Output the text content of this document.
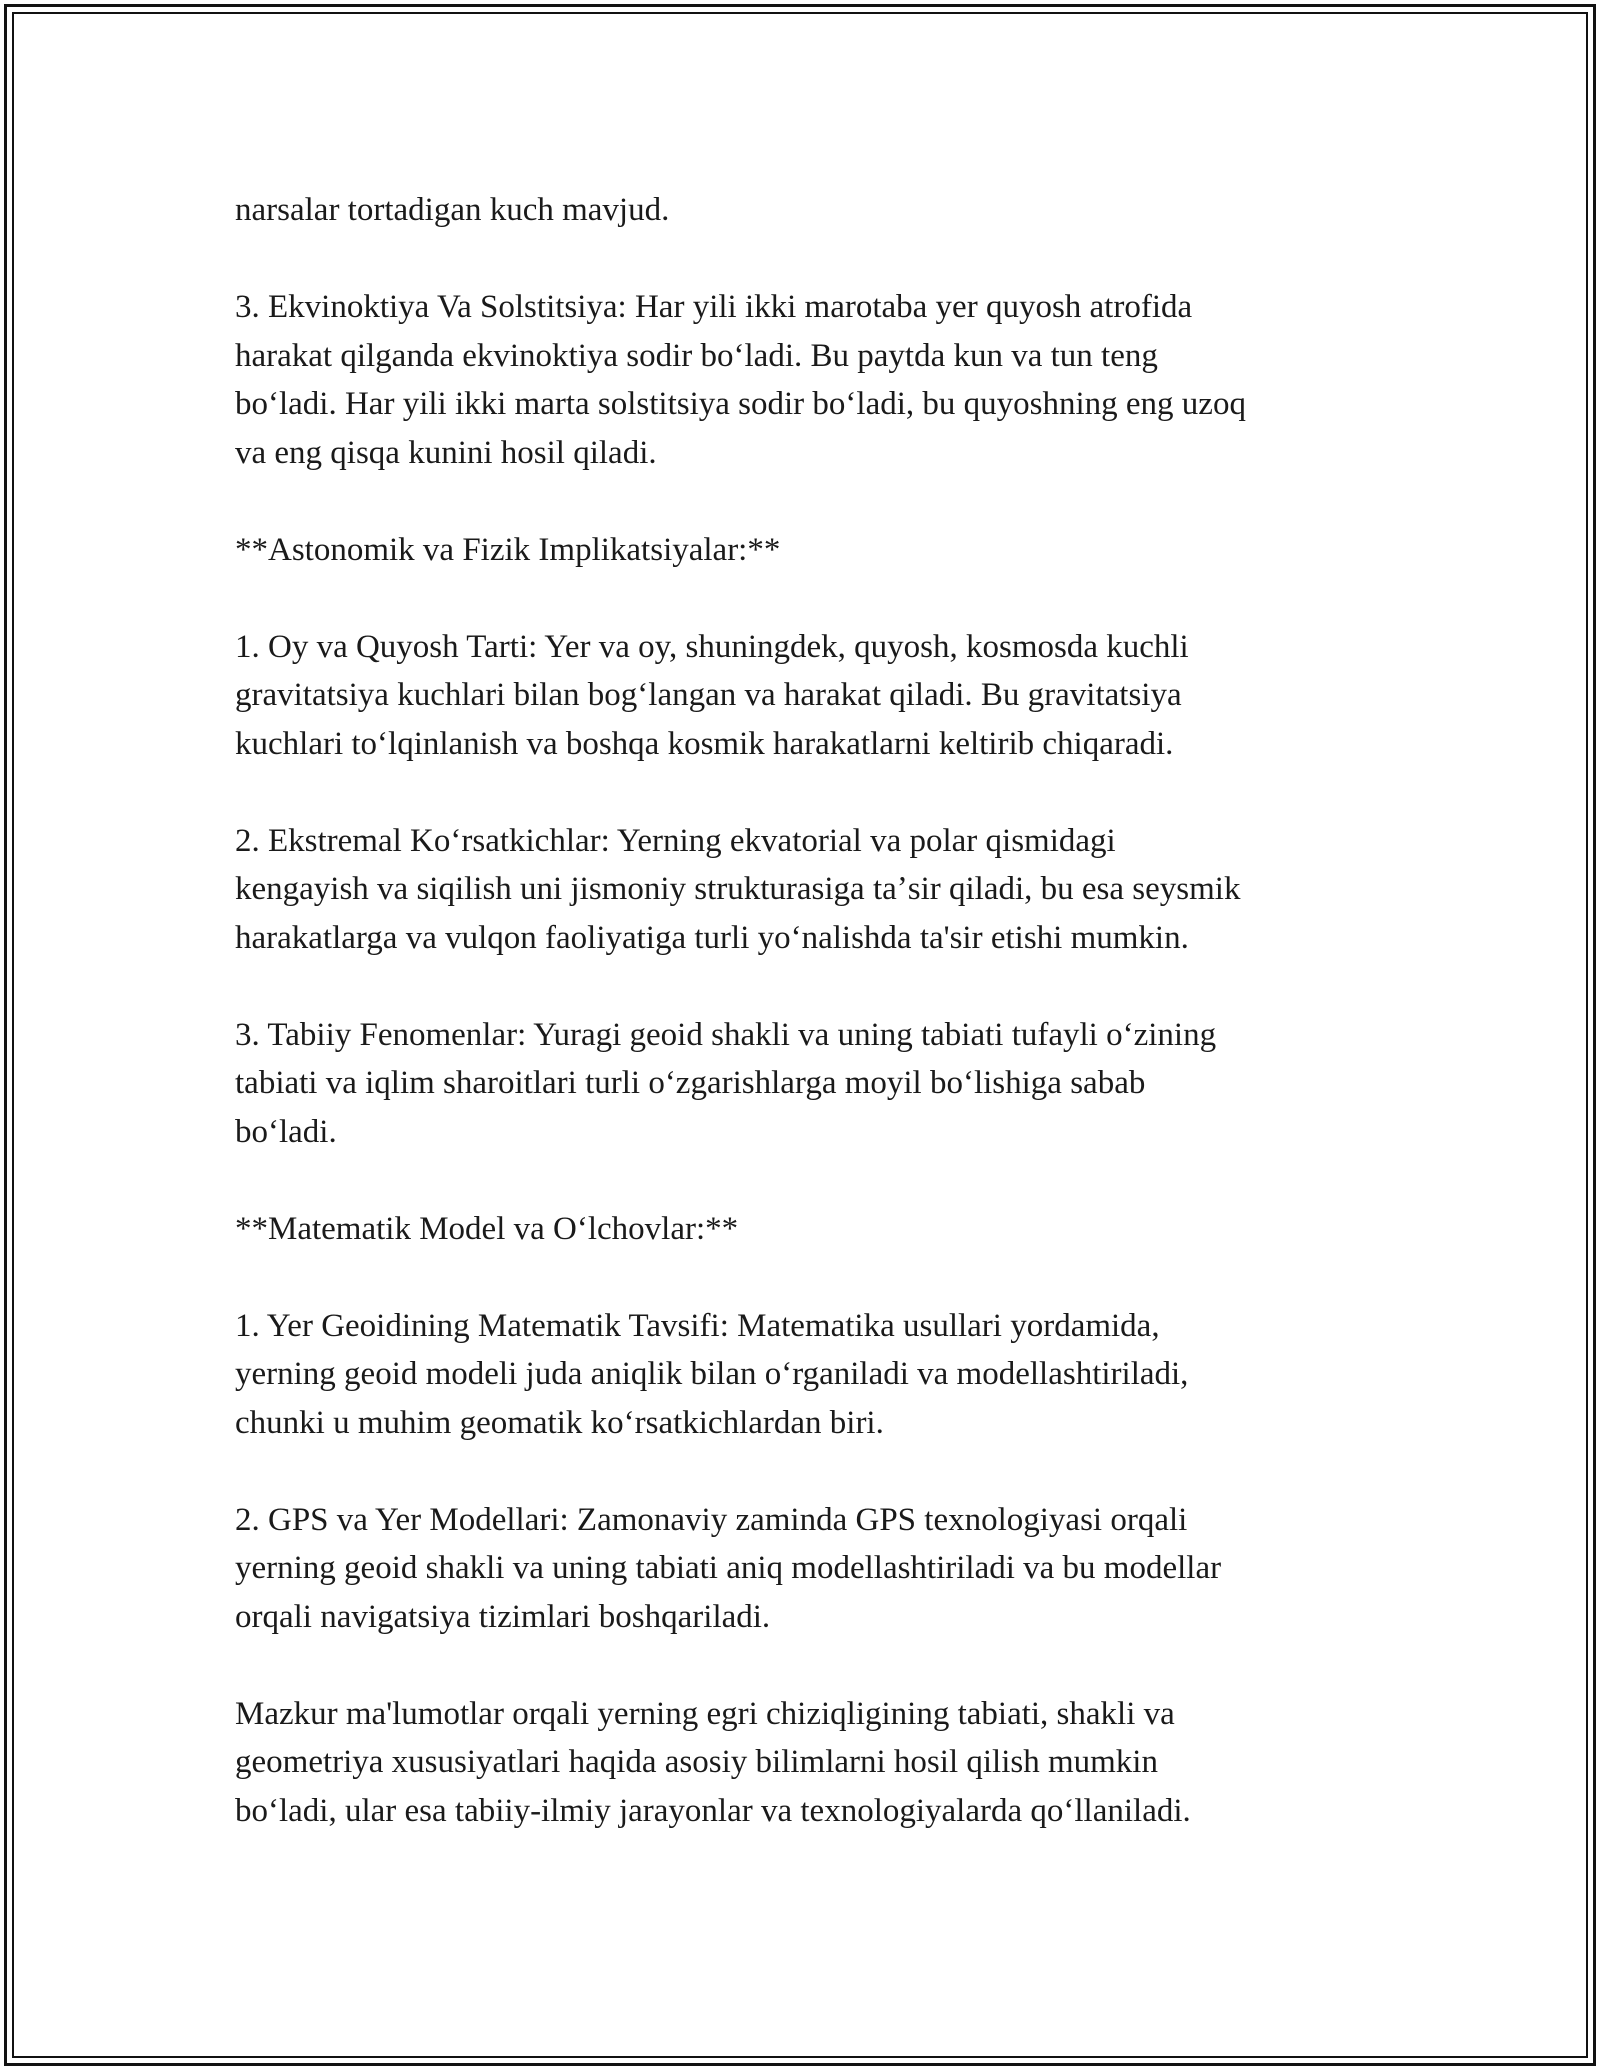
narsalar tortadigan kuch mavjud.

3. Ekvinoktiya Va Solstitsiya: Har yili ikki marotaba yer quyosh atrofida
harakat qilganda ekvinoktiya sodir boʻladi. Bu paytda kun va tun teng
boʻladi. Har yili ikki marta solstitsiya sodir boʻladi, bu quyoshning eng uzoq
va eng qisqa kunini hosil qiladi.

**Astonomik va Fizik Implikatsiyalar:**

1. Oy va Quyosh Tarti: Yer va oy, shuningdek, quyosh, kosmosda kuchli
gravitatsiya kuchlari bilan bogʻlangan va harakat qiladi. Bu gravitatsiya
kuchlari toʻlqinlanish va boshqa kosmik harakatlarni keltirib chiqaradi.

2. Ekstremal Koʻrsatkichlar: Yerning ekvatorial va polar qismidagi
kengayish va siqilish uni jismoniy strukturasiga taʼsir qiladi, bu esa seysmik
harakatlarga va vulqon faoliyatiga turli yoʻnalishda ta'sir etishi mumkin.

3. Tabiiy Fenomenlar: Yuragi geoid shakli va uning tabiati tufayli oʻzining
tabiati va iqlim sharoitlari turli oʻzgarishlarga moyil boʻlishiga sabab
boʻladi.

**Matematik Model va Oʻlchovlar:**

1. Yer Geoidining Matematik Tavsifi: Matematika usullari yordamida,
yerning geoid modeli juda aniqlik bilan oʻrganiladi va modellashtiriladi,
chunki u muhim geomatik koʻrsatkichlardan biri.

2. GPS va Yer Modellari: Zamonaviy zaminda GPS texnologiyasi orqali
yerning geoid shakli va uning tabiati aniq modellashtiriladi va bu modellar
orqali navigatsiya tizimlari boshqariladi.

Mazkur ma'lumotlar orqali yerning egri chiziqligining tabiati, shakli va
geometriya xususiyatlari haqida asosiy bilimlarni hosil qilish mumkin
boʻladi, ular esa tabiiy-ilmiy jarayonlar va texnologiyalarda qoʻllaniladi.
